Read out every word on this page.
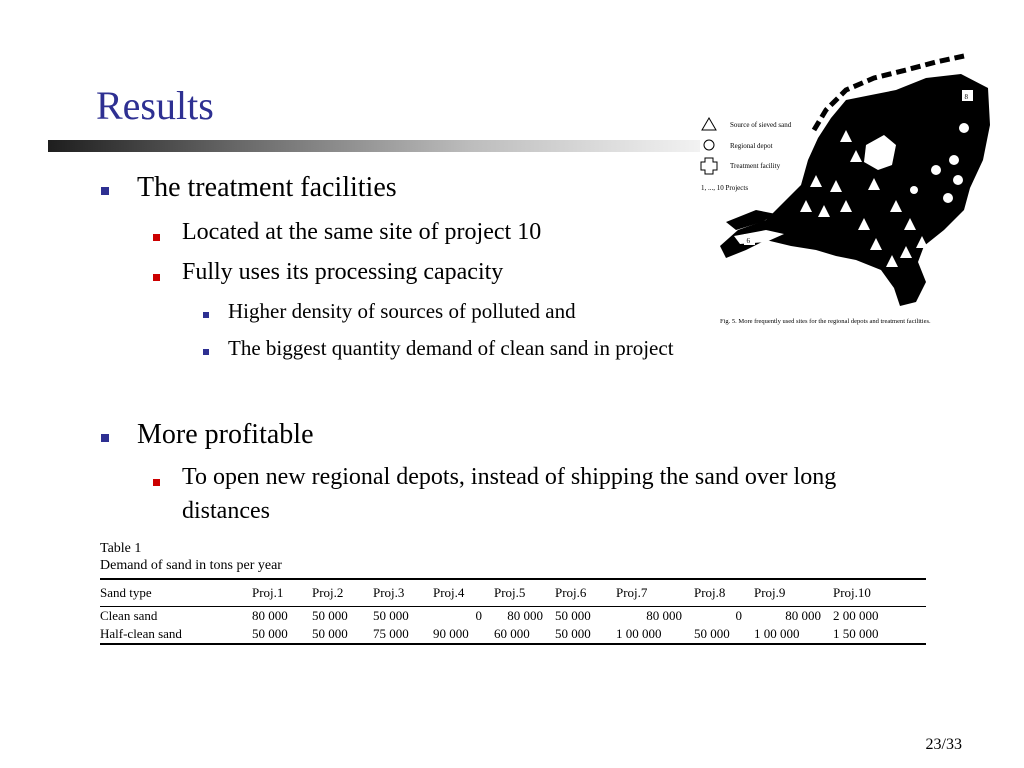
Results
The treatment facilities
Located at the same site of project 10
Fully uses its processing capacity
Higher density of sources of polluted and
The biggest quantity demand of clean sand in project
More profitable
To open new regional depots, instead of shipping the sand over long
distances
8
6
Source of sieved sand
Regional depot
Treatment facility
1, ..., 10 Projects
Fig. 5. More frequently used sites for the regional depots and treatment facilities.
Table 1
Demand of sand in tons per year
Sand type	Proj.1	Proj.2	Proj.3	Proj.4	Proj.5	Proj.6	Proj.7	Proj.8	Proj.9	Proj.10
Clean sand	80 000	50 000	50 000	0	80 000	50 000	80 000	0	80 000	2 00 000
Half-clean sand	50 000	50 000	75 000	90 000	60 000	50 000	1 00 000	50 000	1 00 000	1 50 000
23/33
